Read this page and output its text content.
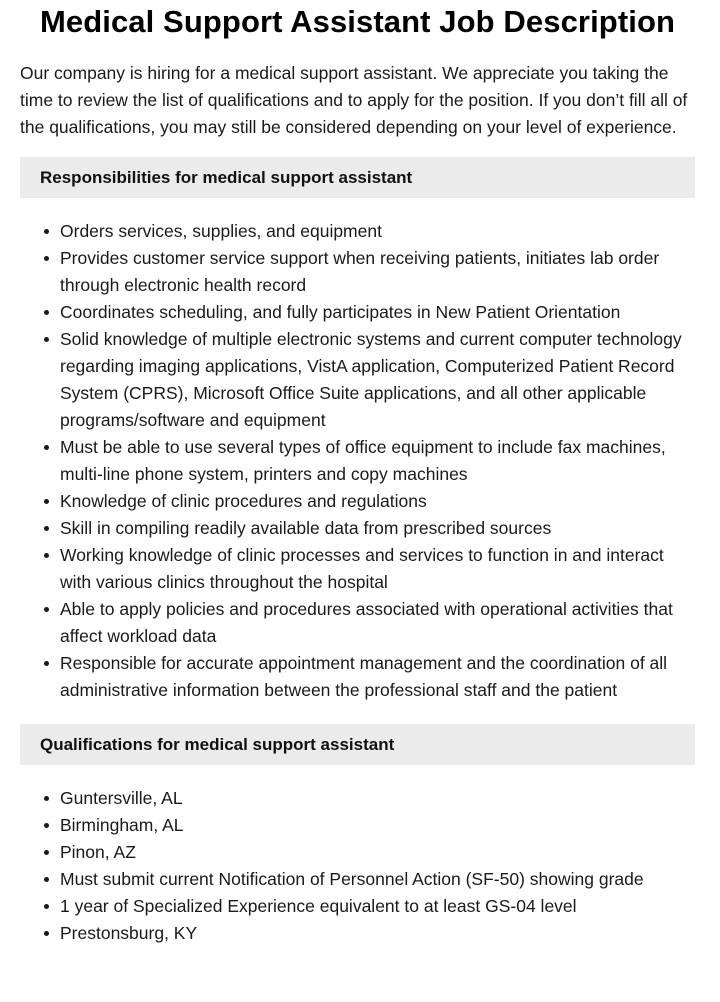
Medical Support Assistant Job Description

Our company is hiring for a medical support assistant. We appreciate you taking the time to review the list of qualifications and to apply for the position. If you don’t fill all of the qualifications, you may still be considered depending on your level of experience.

Responsibilities for medical support assistant
Orders services, supplies, and equipment
Provides customer service support when receiving patients, initiates lab order through electronic health record
Coordinates scheduling, and fully participates in New Patient Orientation
Solid knowledge of multiple electronic systems and current computer technology regarding imaging applications, VistA application, Computerized Patient Record System (CPRS), Microsoft Office Suite applications, and all other applicable programs/software and equipment
Must be able to use several types of office equipment to include fax machines, multi-line phone system, printers and copy machines
Knowledge of clinic procedures and regulations
Skill in compiling readily available data from prescribed sources
Working knowledge of clinic processes and services to function in and interact with various clinics throughout the hospital
Able to apply policies and procedures associated with operational activities that affect workload data
Responsible for accurate appointment management and the coordination of all administrative information between the professional staff and the patient
Qualifications for medical support assistant
Guntersville, AL
Birmingham, AL
Pinon, AZ
Must submit current Notification of Personnel Action (SF-50) showing grade
1 year of Specialized Experience equivalent to at least GS-04 level
Prestonsburg, KY
